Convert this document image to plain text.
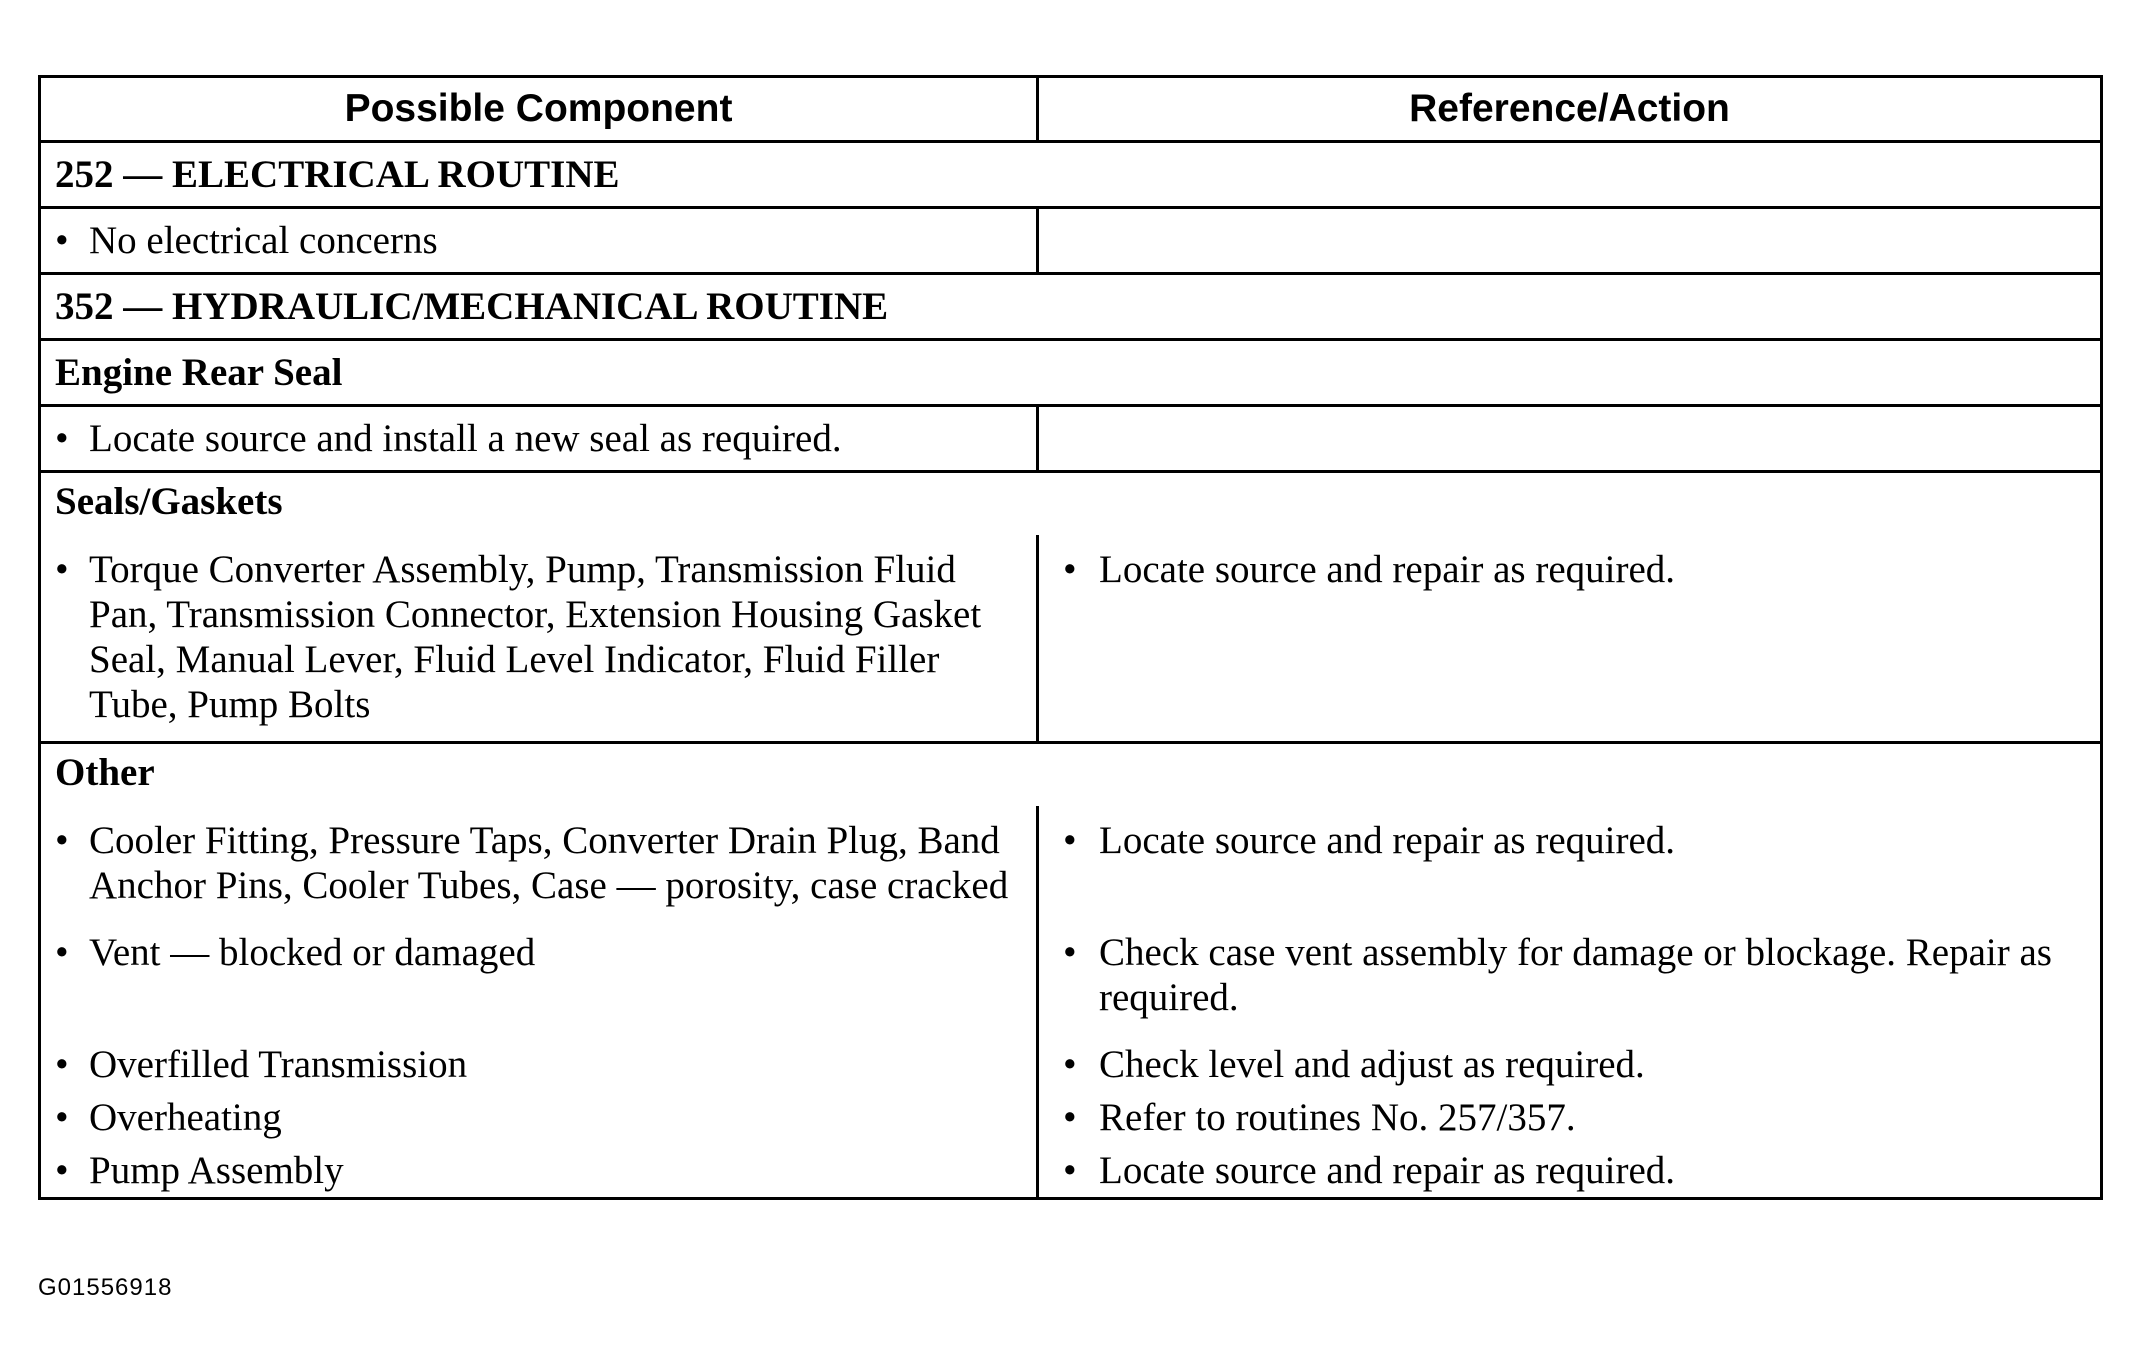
Possible Component	Reference/Action
252 — ELECTRICAL ROUTINE	

• No electrical concerns

352 — HYDRAULIC/MECHANICAL ROUTINE	
Engine Rear Seal	

• Locate source and install a new seal as required.

Seals/Gaskets	

• Torque Converter Assembly, Pump, Transmission Fluid Pan, Transmission Connector, Extension Housing Gasket Seal, Manual Lever, Fluid Level Indicator, Fluid Filler Tube, Pump Bolts	• Locate source and repair as required.

Other	

• Cooler Fitting, Pressure Taps, Converter Drain Plug, Band Anchor Pins, Cooler Tubes, Case — porosity, case cracked	• Locate source and repair as required.

• Vent — blocked or damaged	• Check case vent assembly for damage or blockage. Repair as required.

• Overfilled Transmission	• Check level and adjust as required.

• Overheating	• Refer to routines No. 257/357.

• Pump Assembly	• Locate source and repair as required.
G01556918
